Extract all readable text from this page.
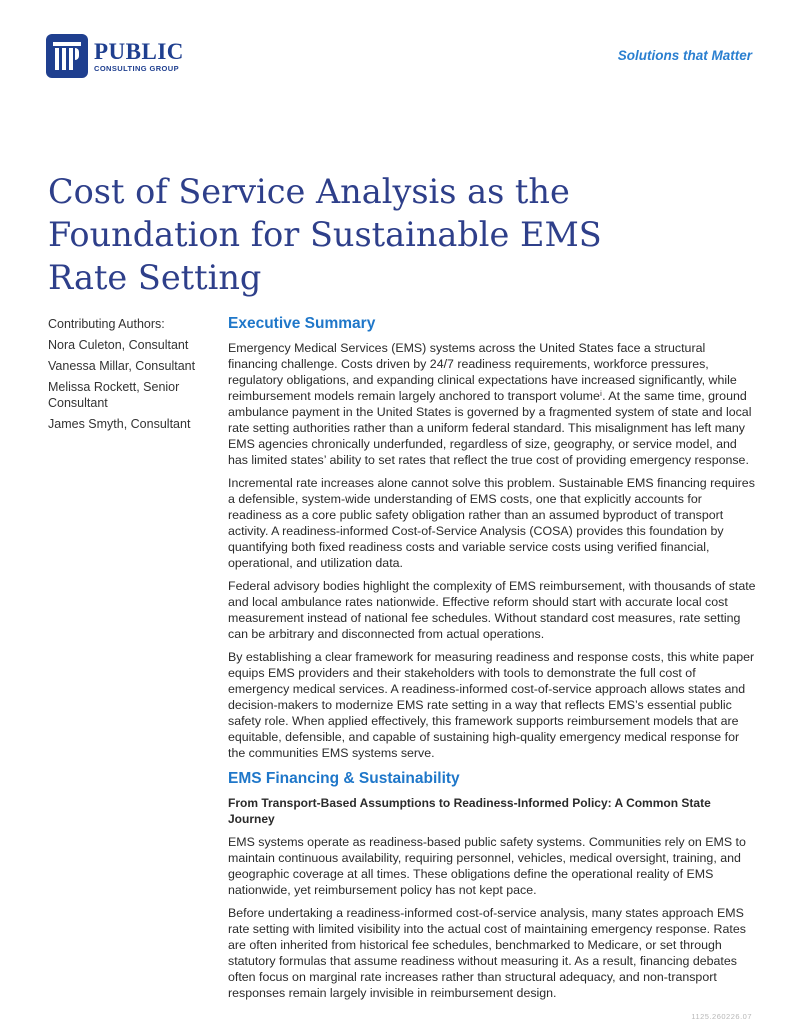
PUBLIC
CONSULTING GROUP
Solutions that Matter
Cost of Service Analysis as the Foundation for Sustainable EMS Rate Setting
Contributing Authors:
Nora Culeton, Consultant
Vanessa Millar, Consultant
Melissa Rockett, Senior Consultant
James Smyth, Consultant
Executive Summary

Emergency Medical Services (EMS) systems across the United States face a structural financing challenge. Costs driven by 24/7 readiness requirements, workforce pressures, regulatory obligations, and expanding clinical expectations have increased significantly, while reimbursement models remain largely anchored to transport volumeⁱ. At the same time, ground ambulance payment in the United States is governed by a fragmented system of state and local rate setting authorities rather than a uniform federal standard. This misalignment has left many EMS agencies chronically underfunded, regardless of size, geography, or service model, and has limited states’ ability to set rates that reflect the true cost of providing emergency response.

Incremental rate increases alone cannot solve this problem. Sustainable EMS financing requires a defensible, system-wide understanding of EMS costs, one that explicitly accounts for readiness as a core public safety obligation rather than an assumed byproduct of transport activity. A readiness-informed Cost-of-Service Analysis (COSA) provides this foundation by quantifying both fixed readiness costs and variable service costs using verified financial, operational, and utilization data.

Federal advisory bodies highlight the complexity of EMS reimbursement, with thousands of state and local ambulance rates nationwide. Effective reform should start with accurate local cost measurement instead of national fee schedules. Without standard cost measures, rate setting can be arbitrary and disconnected from actual operations.

By establishing a clear framework for measuring readiness and response costs, this white paper equips EMS providers and their stakeholders with tools to demonstrate the full cost of emergency medical services. A readiness-informed cost-of-service approach allows states and decision-makers to modernize EMS rate setting in a way that reflects EMS’s essential public safety role. When applied effectively, this framework supports reimbursement models that are equitable, defensible, and capable of sustaining high-quality emergency medical response for the communities EMS systems serve.

EMS Financing & Sustainability
From Transport-Based Assumptions to Readiness-Informed Policy: A Common State Journey

EMS systems operate as readiness-based public safety systems. Communities rely on EMS to maintain continuous availability, requiring personnel, vehicles, medical oversight, training, and geographic coverage at all times. These obligations define the operational reality of EMS nationwide, yet reimbursement policy has not kept pace.

Before undertaking a readiness-informed cost-of-service analysis, many states approach EMS rate setting with limited visibility into the actual cost of maintaining emergency response. Rates are often inherited from historical fee schedules, benchmarked to Medicare, or set through statutory formulas that assume readiness without measuring it. As a result, financing debates often focus on marginal rate increases rather than structural adequacy, and non-transport responses remain largely invisible in reimbursement design.

1125.260226.07
